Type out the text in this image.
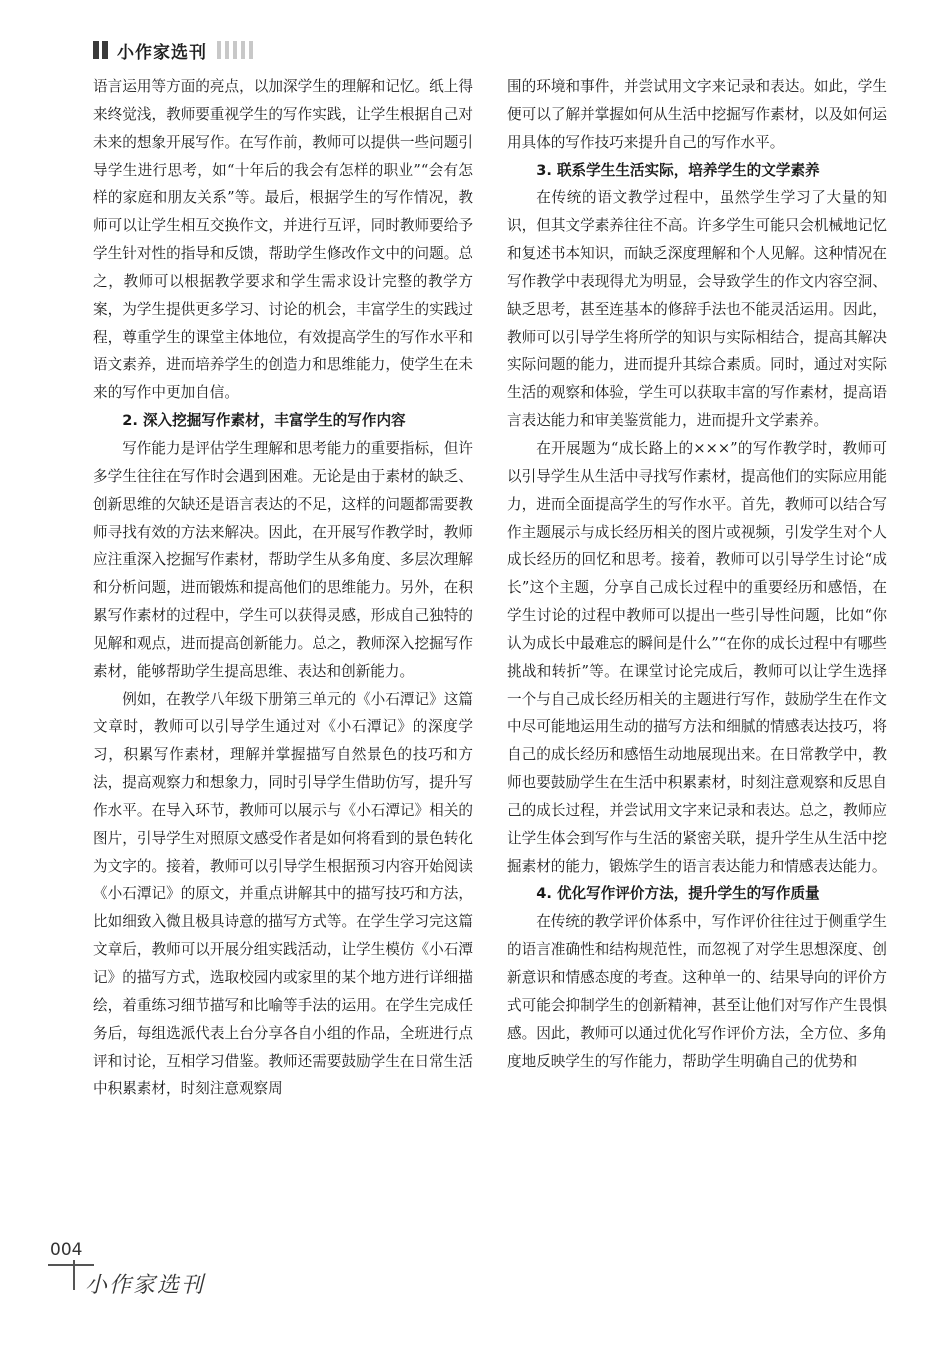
小作家选刊

语言运用等方面的亮点，以加深学生的理解和记忆。纸上得来终觉浅，教师要重视学生的写作实践，让学生根据自己对未来的想象开展写作。在写作前，教师可以提供一些问题引导学生进行思考，如“十年后的我会有怎样的职业”“会有怎样的家庭和朋友关系”等。最后，根据学生的写作情况，教师可以让学生相互交换作文，并进行互评，同时教师要给予学生针对性的指导和反馈，帮助学生修改作文中的问题。总之，教师可以根据教学要求和学生需求设计完整的教学方案，为学生提供更多学习、讨论的机会，丰富学生的实践过程，尊重学生的课堂主体地位，有效提高学生的写作水平和语文素养，进而培养学生的创造力和思维能力，使学生在未来的写作中更加自信。

2. 深入挖掘写作素材，丰富学生的写作内容

写作能力是评估学生理解和思考能力的重要指标，但许多学生往往在写作时会遇到困难。无论是由于素材的缺乏、创新思维的欠缺还是语言表达的不足，这样的问题都需要教师寻找有效的方法来解决。因此，在开展写作教学时，教师应注重深入挖掘写作素材，帮助学生从多角度、多层次理解和分析问题，进而锻炼和提高他们的思维能力。另外，在积累写作素材的过程中，学生可以获得灵感，形成自己独特的见解和观点，进而提高创新能力。总之，教师深入挖掘写作素材，能够帮助学生提高思维、表达和创新能力。

例如，在教学八年级下册第三单元的《小石潭记》这篇文章时，教师可以引导学生通过对《小石潭记》的深度学习，积累写作素材，理解并掌握描写自然景色的技巧和方法，提高观察力和想象力，同时引导学生借助仿写，提升写作水平。在导入环节，教师可以展示与《小石潭记》相关的图片，引导学生对照原文感受作者是如何将看到的景色转化为文字的。接着，教师可以引导学生根据预习内容开始阅读《小石潭记》的原文，并重点讲解其中的描写技巧和方法，比如细致入微且极具诗意的描写方式等。在学生学习完这篇文章后，教师可以开展分组实践活动，让学生模仿《小石潭记》的描写方式，选取校园内或家里的某个地方进行详细描绘，着重练习细节描写和比喻等手法的运用。在学生完成任务后，每组选派代表上台分享各自小组的作品，全班进行点评和讨论，互相学习借鉴。教师还需要鼓励学生在日常生活中积累素材，时刻注意观察周

围的环境和事件，并尝试用文字来记录和表达。如此，学生便可以了解并掌握如何从生活中挖掘写作素材，以及如何运用具体的写作技巧来提升自己的写作水平。

3. 联系学生生活实际，培养学生的文学素养

在传统的语文教学过程中，虽然学生学习了大量的知识，但其文学素养往往不高。许多学生可能只会机械地记忆和复述书本知识，而缺乏深度理解和个人见解。这种情况在写作教学中表现得尤为明显，会导致学生的作文内容空洞、缺乏思考，甚至连基本的修辞手法也不能灵活运用。因此，教师可以引导学生将所学的知识与实际相结合，提高其解决实际问题的能力，进而提升其综合素质。同时，通过对实际生活的观察和体验，学生可以获取丰富的写作素材，提高语言表达能力和审美鉴赏能力，进而提升文学素养。

在开展题为“成长路上的×××”的写作教学时，教师可以引导学生从生活中寻找写作素材，提高他们的实际应用能力，进而全面提高学生的写作水平。首先，教师可以结合写作主题展示与成长经历相关的图片或视频，引发学生对个人成长经历的回忆和思考。接着，教师可以引导学生讨论“成长”这个主题，分享自己成长过程中的重要经历和感悟，在学生讨论的过程中教师可以提出一些引导性问题，比如“你认为成长中最难忘的瞬间是什么”“在你的成长过程中有哪些挑战和转折”等。在课堂讨论完成后，教师可以让学生选择一个与自己成长经历相关的主题进行写作，鼓励学生在作文中尽可能地运用生动的描写方法和细腻的情感表达技巧，将自己的成长经历和感悟生动地展现出来。在日常教学中，教师也要鼓励学生在生活中积累素材，时刻注意观察和反思自己的成长过程，并尝试用文字来记录和表达。总之，教师应让学生体会到写作与生活的紧密关联，提升学生从生活中挖掘素材的能力，锻炼学生的语言表达能力和情感表达能力。

4. 优化写作评价方法，提升学生的写作质量

在传统的教学评价体系中，写作评价往往过于侧重学生的语言准确性和结构规范性，而忽视了对学生思想深度、创新意识和情感态度的考查。这种单一的、结果导向的评价方式可能会抑制学生的创新精神，甚至让他们对写作产生畏惧感。因此，教师可以通过优化写作评价方法，全方位、多角度地反映学生的写作能力，帮助学生明确自己的优势和

004
小作家选刊
